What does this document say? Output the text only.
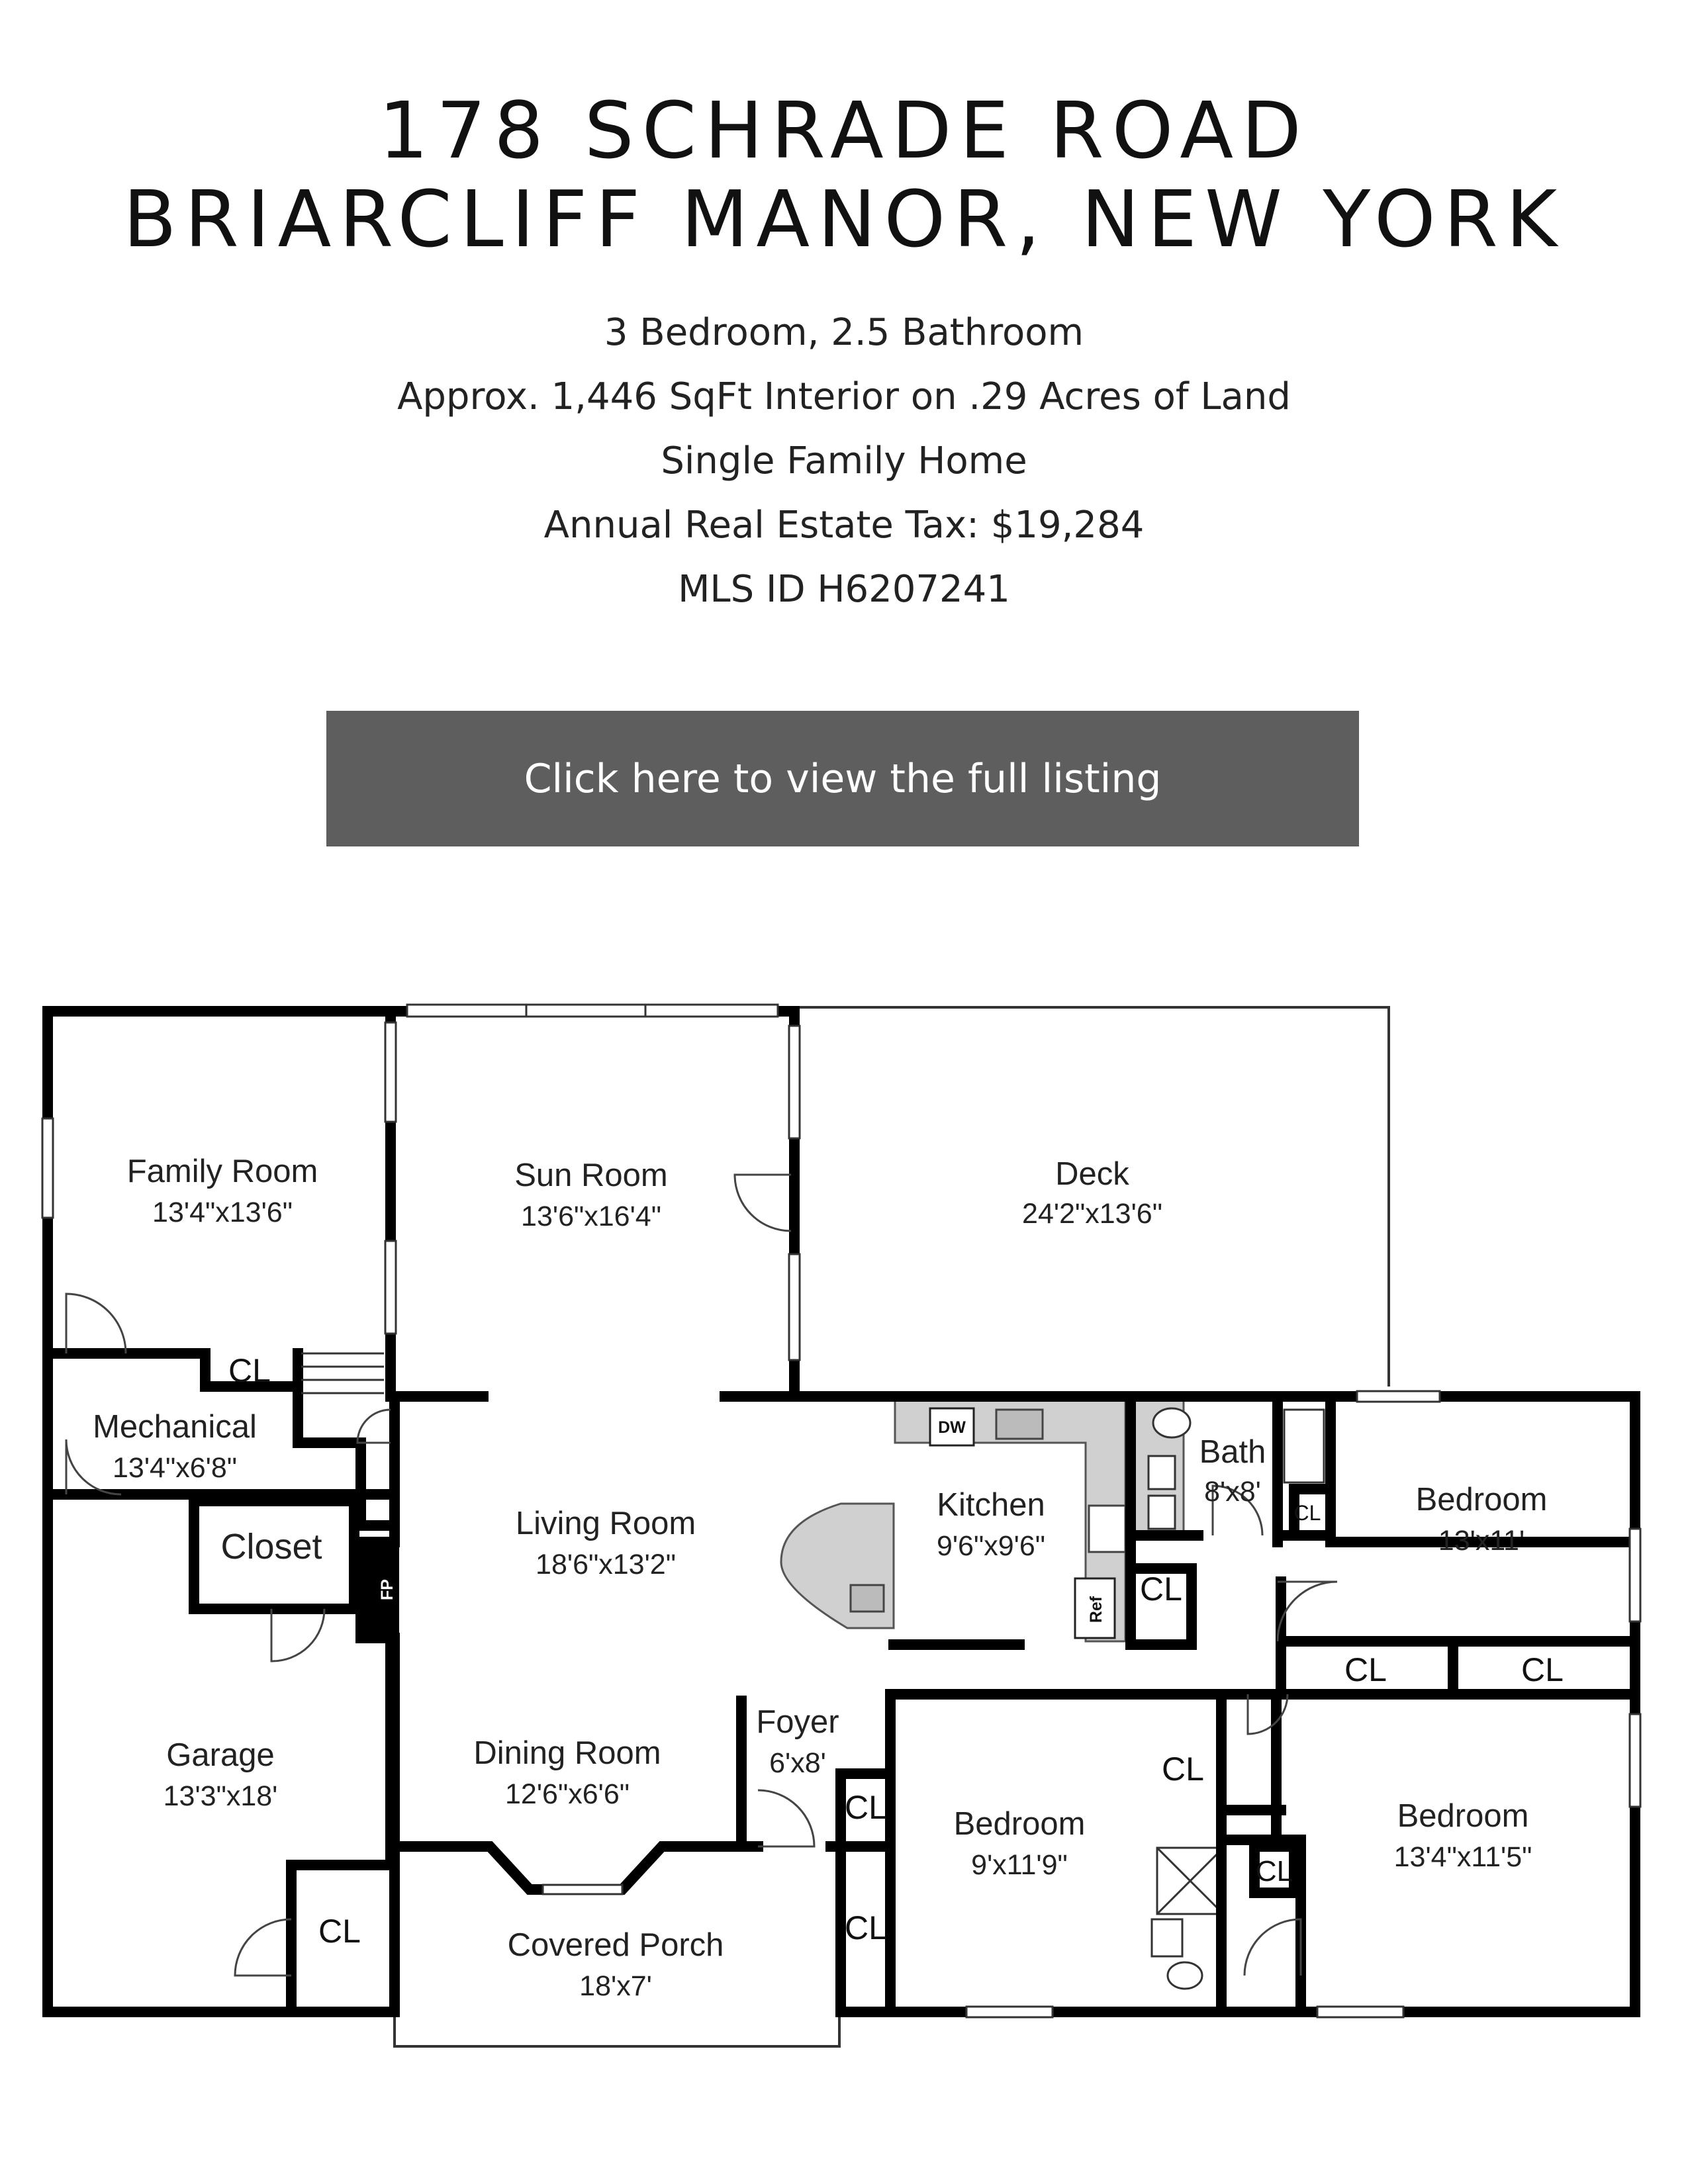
178 SCHRADE ROAD
BRIARCLIFF MANOR, NEW YORK
3 Bedroom, 2.5 Bathroom
Approx. 1,446 SqFt Interior on .29 Acres of Land
Single Family Home
Annual Real Estate Tax: $19,284
MLS ID H6207241
Click here to view the full listing
DW
Ref
FP
Family Room
13'4"x13'6"
Sun Room
13'6"x16'4"
Deck
24'2"x13'6"
Mechanical
13'4"x6'8"
Closet
Living Room
18'6"x13'2"
Kitchen
9'6"x9'6"
Bath
8'x8'	Bedroom
13'x11'
Garage
13'3"x18'
Dining Room
12'6"x6'6"
Foyer
6'x8'
Bedroom
9'x11'9"
Bedroom
13'4"x11'5"
Covered Porch
18'x7'
CL
CL
CL
CL	CL
CL
CL
CL
CL
CL
